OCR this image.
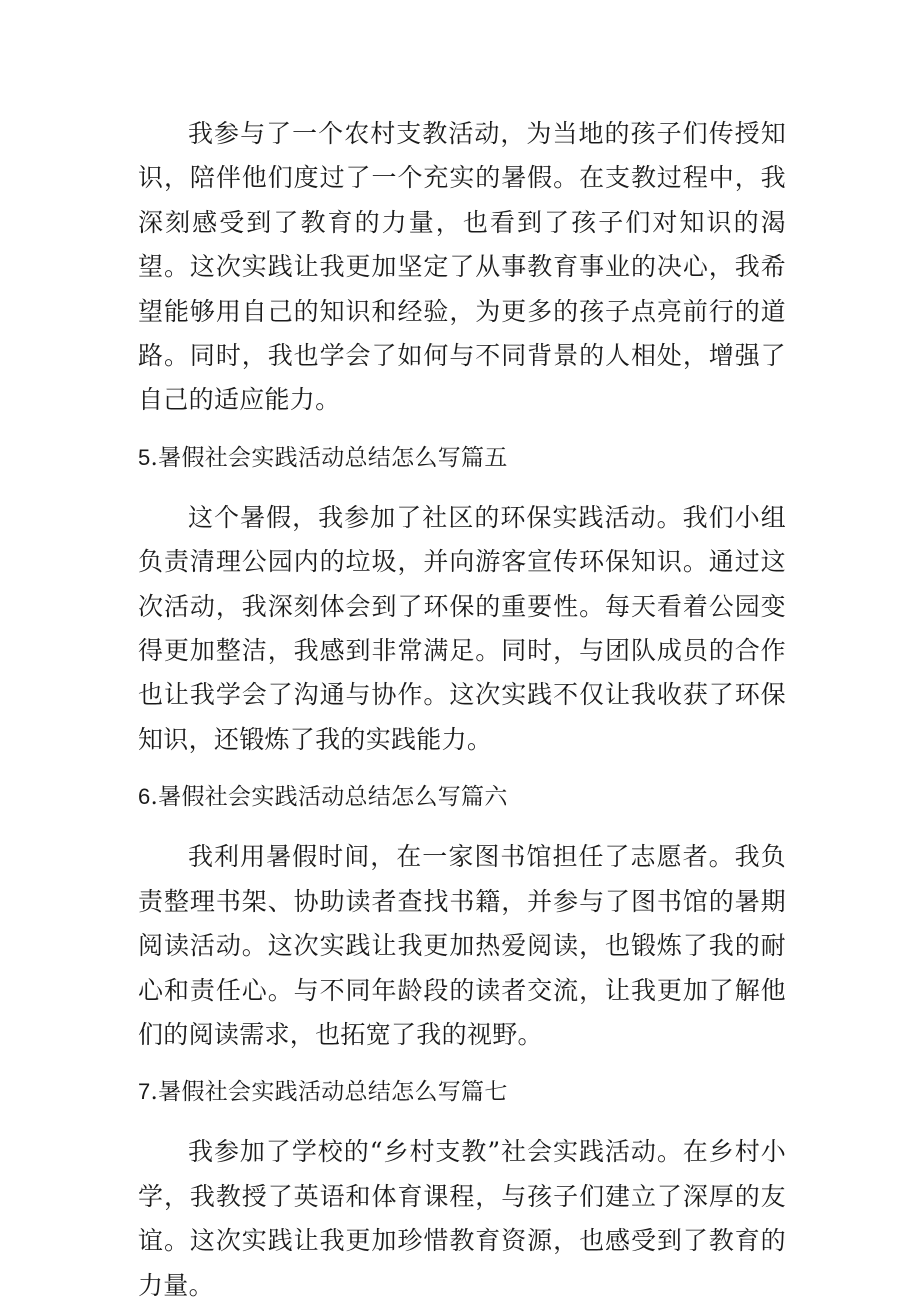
我参与了一个农村支教活动，为当地的孩子们传授知识，陪伴他们度过了一个充实的暑假。在支教过程中，我深刻感受到了教育的力量，也看到了孩子们对知识的渴望。这次实践让我更加坚定了从事教育事业的决心，我希望能够用自己的知识和经验，为更多的孩子点亮前行的道路。同时，我也学会了如何与不同背景的人相处，增强了自己的适应能力。

5.暑假社会实践活动总结怎么写篇五

这个暑假，我参加了社区的环保实践活动。我们小组负责清理公园内的垃圾，并向游客宣传环保知识。通过这次活动，我深刻体会到了环保的重要性。每天看着公园变得更加整洁，我感到非常满足。同时，与团队成员的合作也让我学会了沟通与协作。这次实践不仅让我收获了环保知识，还锻炼了我的实践能力。

6.暑假社会实践活动总结怎么写篇六

我利用暑假时间，在一家图书馆担任了志愿者。我负责整理书架、协助读者查找书籍，并参与了图书馆的暑期阅读活动。这次实践让我更加热爱阅读，也锻炼了我的耐心和责任心。与不同年龄段的读者交流，让我更加了解他们的阅读需求，也拓宽了我的视野。

7.暑假社会实践活动总结怎么写篇七

我参加了学校的“乡村支教”社会实践活动。在乡村小学，我教授了英语和体育课程，与孩子们建立了深厚的友谊。这次实践让我更加珍惜教育资源，也感受到了教育的力量。
